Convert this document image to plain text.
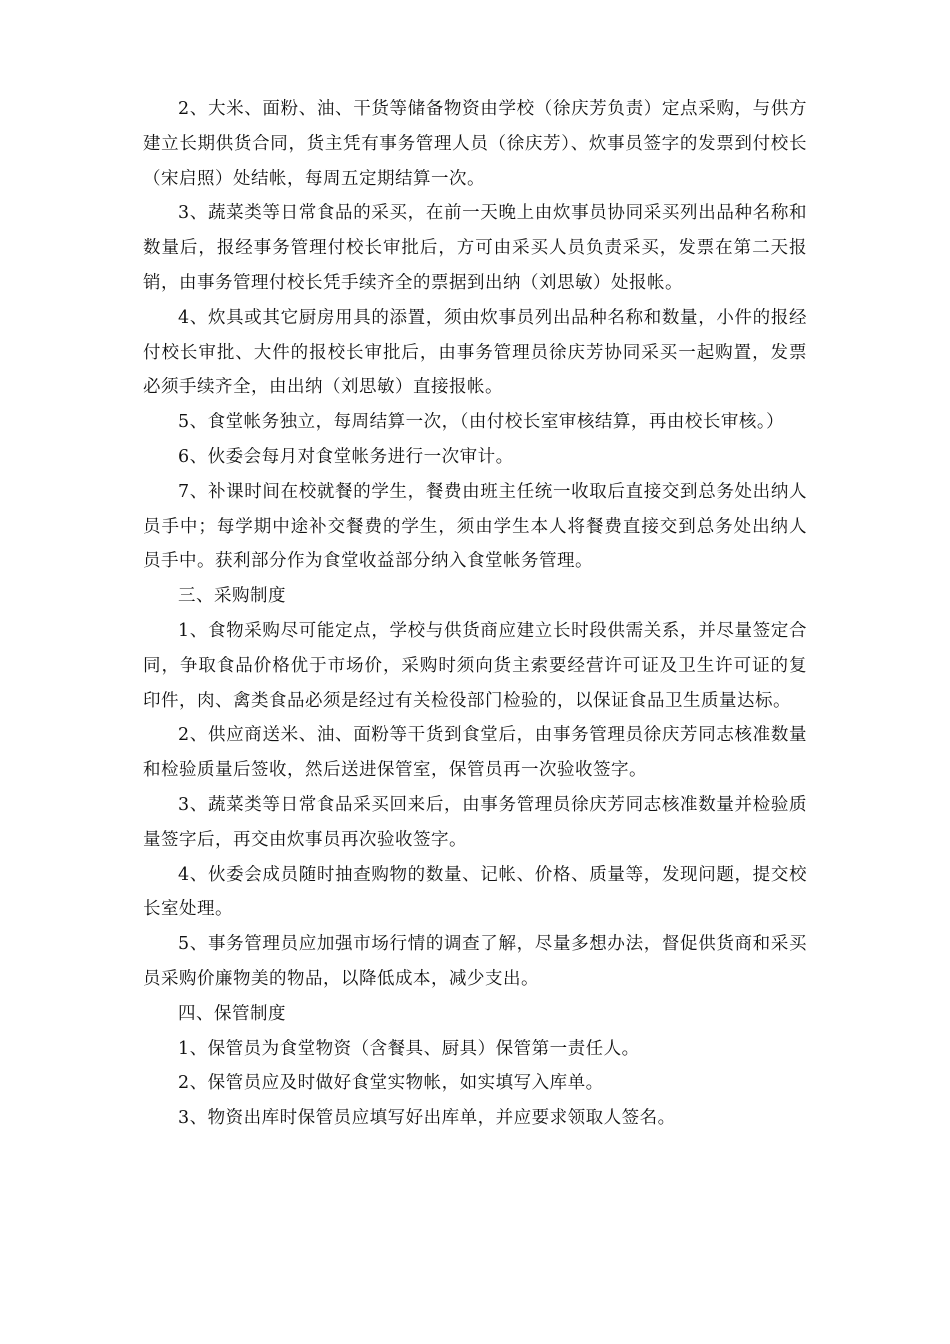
2、大米、面粉、油、干货等储备物资由学校（徐庆芳负责）定点采购，与供方建立长期供货合同，货主凭有事务管理人员（徐庆芳）、炊事员签字的发票到付校长（宋启照）处结帐，每周五定期结算一次。

3、蔬菜类等日常食品的采买，在前一天晚上由炊事员协同采买列出品种名称和数量后，报经事务管理付校长审批后，方可由采买人员负责采买，发票在第二天报销，由事务管理付校长凭手续齐全的票据到出纳（刘思敏）处报帐。

4、炊具或其它厨房用具的添置，须由炊事员列出品种名称和数量，小件的报经付校长审批、大件的报校长审批后，由事务管理员徐庆芳协同采买一起购置，发票必须手续齐全，由出纳（刘思敏）直接报帐。

5、食堂帐务独立，每周结算一次，（由付校长室审核结算，再由校长审核。）

6、伙委会每月对食堂帐务进行一次审计。

7、补课时间在校就餐的学生，餐费由班主任统一收取后直接交到总务处出纳人员手中；每学期中途补交餐费的学生，须由学生本人将餐费直接交到总务处出纳人员手中。获利部分作为食堂收益部分纳入食堂帐务管理。

三、采购制度

1、食物采购尽可能定点，学校与供货商应建立长时段供需关系，并尽量签定合同，争取食品价格优于市场价，采购时须向货主索要经营许可证及卫生许可证的复印件，肉、禽类食品必须是经过有关检役部门检验的，以保证食品卫生质量达标。

2、供应商送米、油、面粉等干货到食堂后，由事务管理员徐庆芳同志核准数量和检验质量后签收，然后送进保管室，保管员再一次验收签字。

3、蔬菜类等日常食品采买回来后，由事务管理员徐庆芳同志核准数量并检验质量签字后，再交由炊事员再次验收签字。

4、伙委会成员随时抽查购物的数量、记帐、价格、质量等，发现问题，提交校长室处理。

5、事务管理员应加强市场行情的调查了解，尽量多想办法，督促供货商和采买员采购价廉物美的物品，以降低成本，减少支出。

四、保管制度

1、保管员为食堂物资（含餐具、厨具）保管第一责任人。

2、保管员应及时做好食堂实物帐，如实填写入库单。

3、物资出库时保管员应填写好出库单，并应要求领取人签名。
